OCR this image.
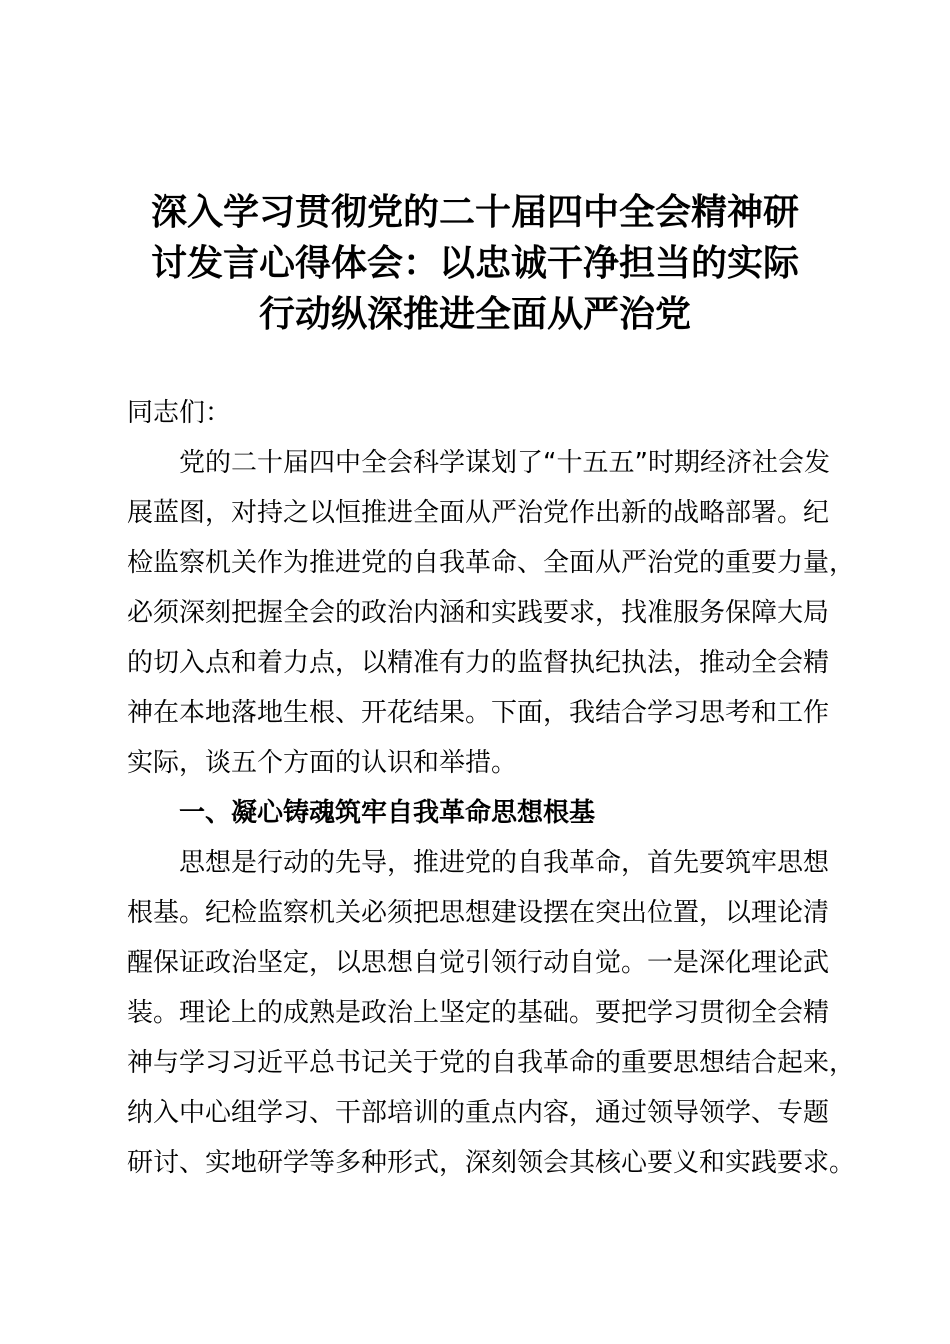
深入学习贯彻党的二十届四中全会精神研
讨发言心得体会：以忠诚干净担当的实际
行动纵深推进全面从严治党
同志们：
党的二十届四中全会科学谋划了“十五五”时期经济社会发
展蓝图，对持之以恒推进全面从严治党作出新的战略部署。纪
检监察机关作为推进党的自我革命、全面从严治党的重要力量，
必须深刻把握全会的政治内涵和实践要求，找准服务保障大局
的切入点和着力点，以精准有力的监督执纪执法，推动全会精
神在本地落地生根、开花结果。下面，我结合学习思考和工作
实际，谈五个方面的认识和举措。
一、凝心铸魂筑牢自我革命思想根基
思想是行动的先导，推进党的自我革命，首先要筑牢思想
根基。纪检监察机关必须把思想建设摆在突出位置，以理论清
醒保证政治坚定，以思想自觉引领行动自觉。一是深化理论武
装。理论上的成熟是政治上坚定的基础。要把学习贯彻全会精
神与学习习近平总书记关于党的自我革命的重要思想结合起来，
纳入中心组学习、干部培训的重点内容，通过领导领学、专题
研讨、实地研学等多种形式，深刻领会其核心要义和实践要求。
